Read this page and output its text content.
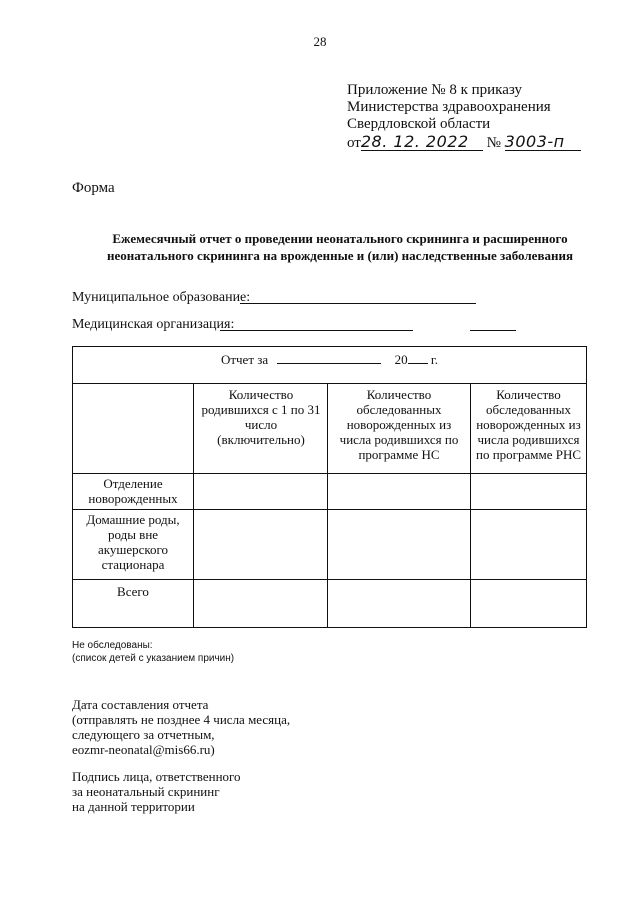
28
Приложение № 8 к приказу
Министерства здравоохранения
Свердловской области
от28. 12. 2022 № 3003-п
Форма
Ежемесячный отчет о проведении неонатального скрининга и расширенного
неонатального скрининга на врожденные и (или) наследственные заболевания
Муниципальное образование:
Медицинская организация:
Отчет за	20 г.
Количество родившихся с 1 по 31 число (включительно)
Количество обследованных новорожденных из числа родившихся по программе НС
Количество обследованных новорожденных из числа родившихся по программе РНС
Отделение новорожденных
Домашние роды, роды вне акушерского стационара
Всего
Не обследованы:
(список детей с указанием причин)
Дата составления отчета
(отправлять не позднее 4 числа месяца,
следующего за отчетным,
eozmr-neonatal@mis66.ru)
Подпись лица, ответственного
за неонатальный скрининг
на данной территории
